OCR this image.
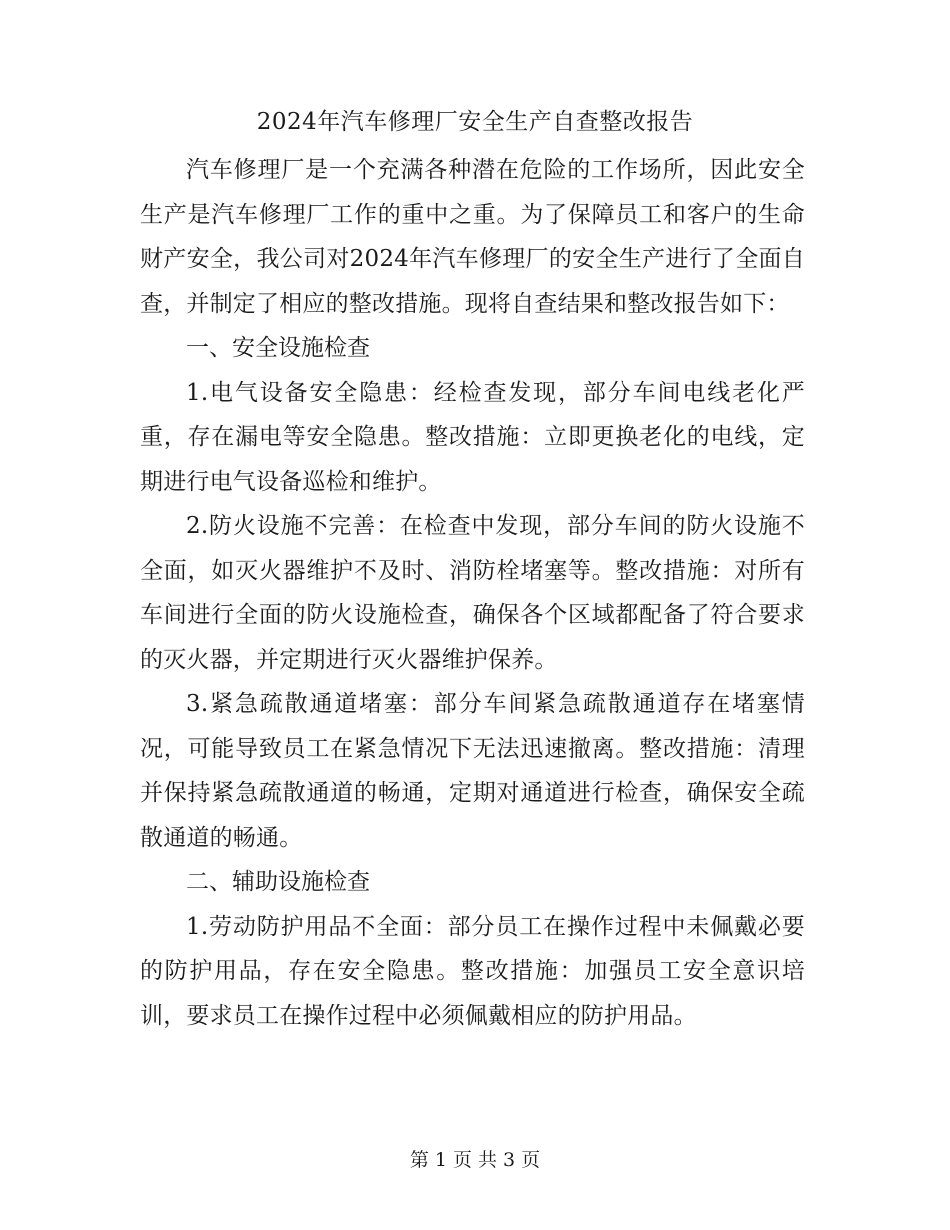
2024年汽车修理厂安全生产自查整改报告

汽车修理厂是一个充满各种潜在危险的工作场所，因此安全生产是汽车修理厂工作的重中之重。为了保障员工和客户的生命财产安全，我公司对2024年汽车修理厂的安全生产进行了全面自查，并制定了相应的整改措施。现将自查结果和整改报告如下：

一、安全设施检查

1.电气设备安全隐患：经检查发现，部分车间电线老化严重，存在漏电等安全隐患。整改措施：立即更换老化的电线，定期进行电气设备巡检和维护。

2.防火设施不完善：在检查中发现，部分车间的防火设施不全面，如灭火器维护不及时、消防栓堵塞等。整改措施：对所有车间进行全面的防火设施检查，确保各个区域都配备了符合要求的灭火器，并定期进行灭火器维护保养。

3.紧急疏散通道堵塞：部分车间紧急疏散通道存在堵塞情况，可能导致员工在紧急情况下无法迅速撤离。整改措施：清理并保持紧急疏散通道的畅通，定期对通道进行检查，确保安全疏散通道的畅通。

二、辅助设施检查

1.劳动防护用品不全面：部分员工在操作过程中未佩戴必要的防护用品，存在安全隐患。整改措施：加强员工安全意识培训，要求员工在操作过程中必须佩戴相应的防护用品。

第 1 页 共 3 页
